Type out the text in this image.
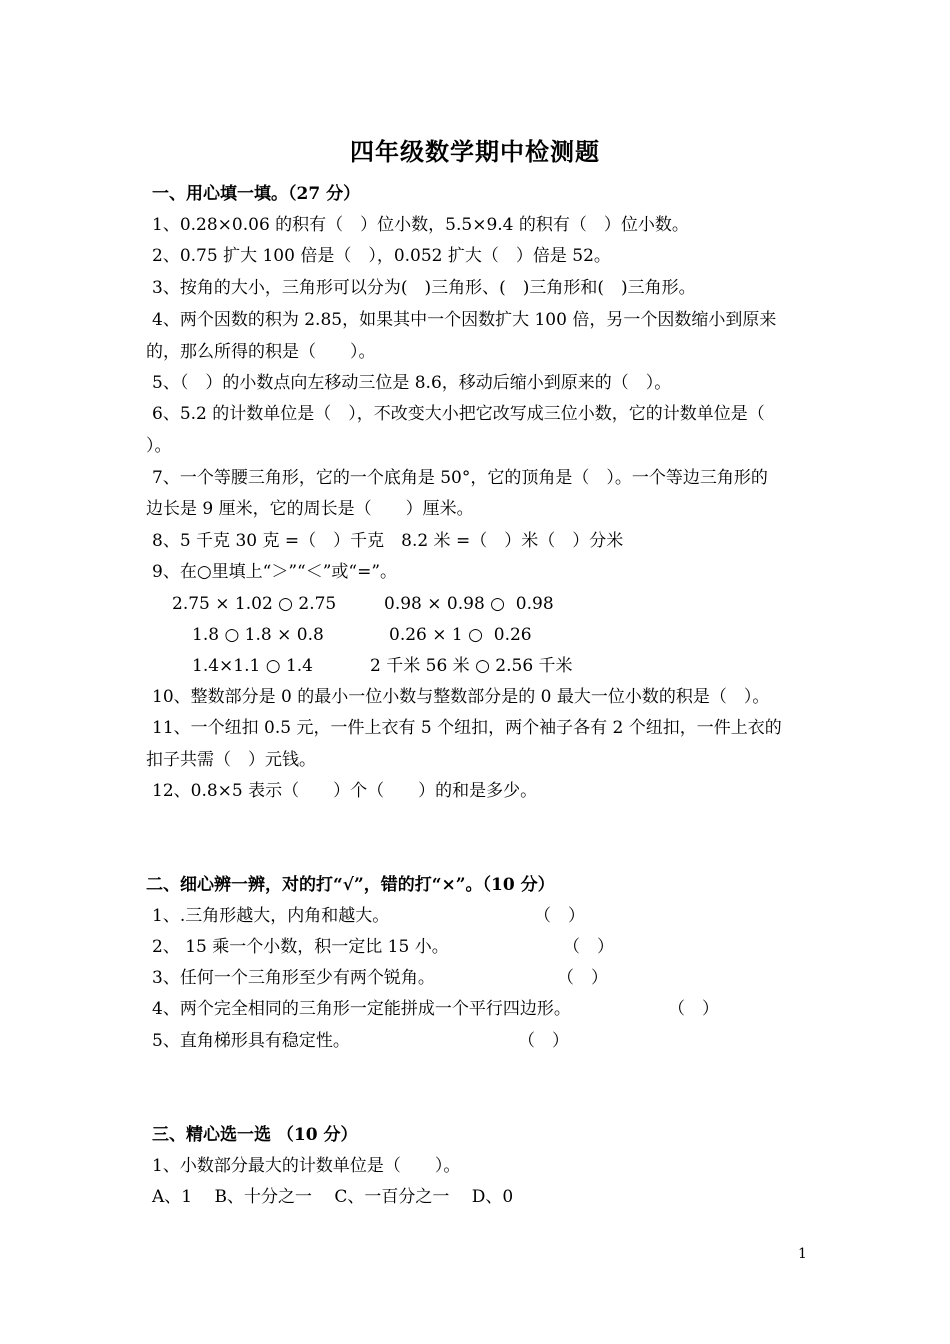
四年级数学期中检测题
一、用心填一填。（27 分）
1、0.28×0.06 的积有（　）位小数，5.5×9.4 的积有（　）位小数。
2、0.75 扩大 100 倍是（　），0.052 扩大（　）倍是 52。
3、按角的大小，三角形可以分为(　)三角形、(　)三角形和(　)三角形。
4、两个因数的积为 2.85，如果其中一个因数扩大 100 倍，另一个因数缩小到原来
的，那么所得的积是（　　）。
5、（　）的小数点向左移动三位是 8.6，移动后缩小到原来的（　）。
6、5.2 的计数单位是（　），不改变大小把它改写成三位小数，它的计数单位是（
）。
7、一个等腰三角形，它的一个底角是 50°，它的顶角是（　）。一个等边三角形的
边长是 9 厘米，它的周长是（　　）厘米。
8、5 千克 30 克 =（　）千克　8.2 米 =（　）米（　）分米
9、在○里填上“＞”“＜”或“=”。
2.75 × 1.02 ○ 2.75	0.98 × 0.98 ○  0.98
1.8 ○ 1.8 × 0.8	0.26 × 1 ○  0.26
1.4×1.1 ○ 1.4	2 千米 56 米 ○ 2.56 千米
10、整数部分是 0 的最小一位小数与整数部分是的 0 最大一位小数的积是（　）。
11、一个纽扣 0.5 元，一件上衣有 5 个纽扣，两个袖子各有 2 个纽扣，一件上衣的
扣子共需（　）元钱。
12、0.8×5 表示（　　）个（　　）的和是多少。
二、细心辨一辨，对的打“√”，错的打“×”。（10 分）
1、.三角形越大，内角和越大。	（　）
2、 15 乘一个小数，积一定比 15 小。	（　）
3、任何一个三角形至少有两个锐角。	（　）
4、两个完全相同的三角形一定能拼成一个平行四边形。	（　）
5、直角梯形具有稳定性。	（　）
三、精心选一选 （10 分）
1、小数部分最大的计数单位是（　　）。
A、1　 B、十分之一　 C、一百分之一　 D、0
1
